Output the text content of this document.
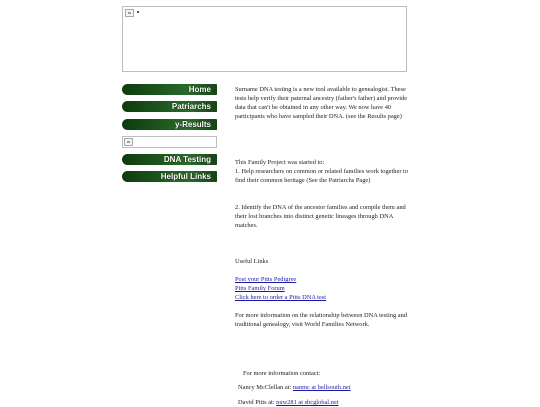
Home
Patriarchs
y-Results
DNA Testing
Helpful Links

Surname DNA testing is a new tool available to genealogist. These tests help verify their paternal ancestry (father's father) and provide data that can't be obtained in any other way. We now have 40 participants who have sampled their DNA. (see the Results page)

This Family Project was started to:

1. Help researchers on common or related families work together to find their common heritage (See the Patriarchs Page)

2. Identify the DNA of the ancestor families and compile them and their lost branches into distinct genetic lineages through DNA matches.

Useful Links

Post your Pitts Pedigree

Pitts Family Forum

Click here to order a Pitts DNA test

For more information on the relationship between DNA testing and traditional genealogy, visit World Families Network.

For more information contact:

Nancy McClellan at: nanmc at bellsouth.net

David Pitts at: nuw281 at sbcglobal.net
